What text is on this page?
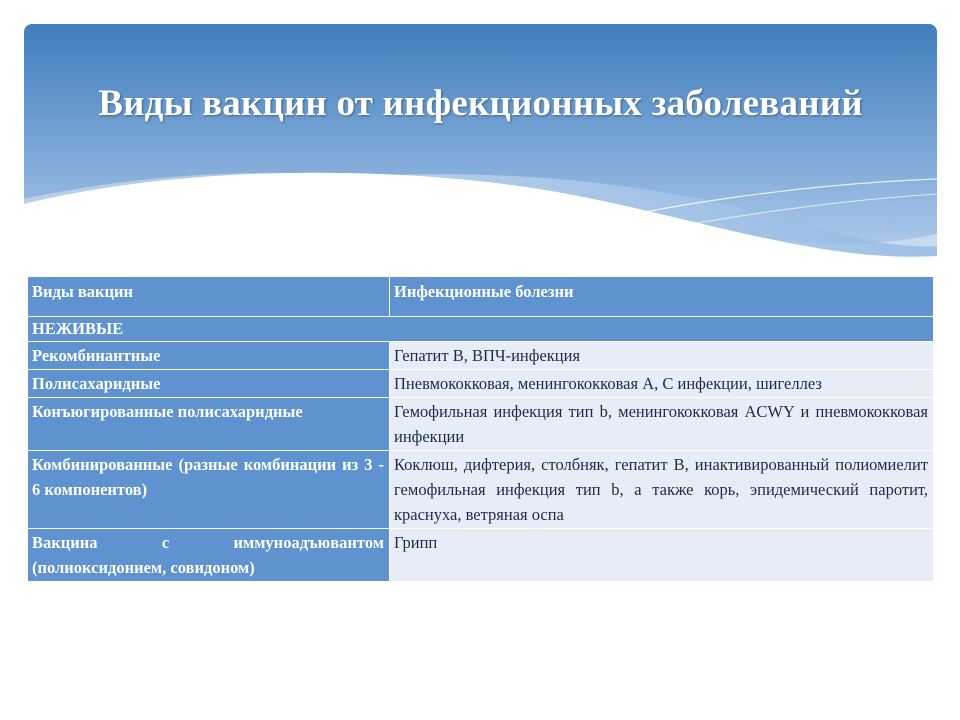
Виды вакцин от инфекционных заболеваний
Виды вакцин	Инфекционные болезни
НЕЖИВЫЕ	
Рекомбинантные	Гепатит В, ВПЧ-инфекция
Полисахаридные	Пневмококковая, менингококковая А, С инфекции, шигеллез
Конъюгированные полисахаридные	Гемофильная инфекция тип b, менингококковая ACWY и пневмококковая инфекции
Комбинированные (разные комбинации из 3 - 6 компонентов)	Коклюш, дифтерия, столбняк, гепатит В, инактивированный полиомиелит гемофильная инфекция тип b, а также корь, эпидемический паротит, краснуха, ветряная оспа
Вакцина с иммуноадъювантом (полиоксидонием, совидоном)	Грипп
